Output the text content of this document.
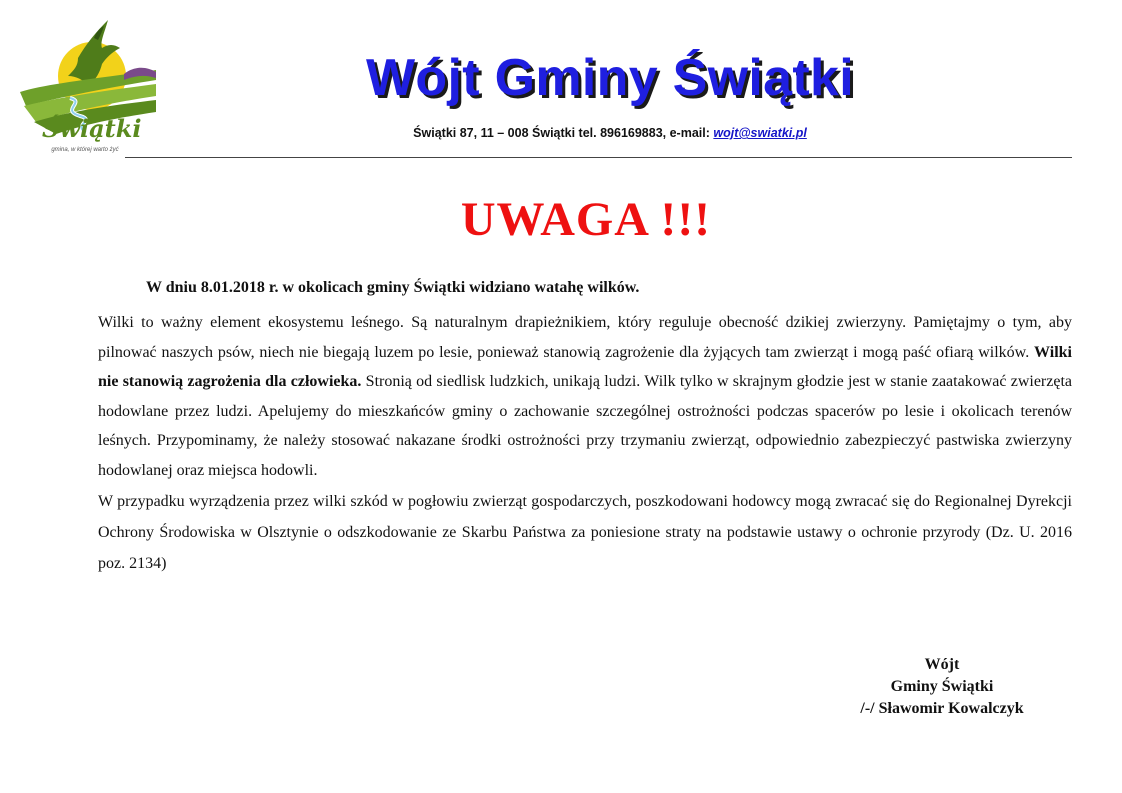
Świątki
gmina, w której warto żyć
Wójt Gminy Świątki
Świątki 87, 11 – 008 Świątki tel. 896169883, e-mail: wojt@swiatki.pl
UWAGA !!!
W dniu 8.01.2018 r. w okolicach gminy Świątki widziano watahę wilków.

Wilki to ważny element ekosystemu leśnego. Są naturalnym drapieżnikiem, który reguluje obecność dzikiej zwierzyny. Pamiętajmy o tym, aby pilnować naszych psów, niech nie biegają luzem po lesie, ponieważ stanowią zagrożenie dla żyjących tam zwierząt i mogą paść ofiarą wilków. Wilki nie stanowią zagrożenia dla człowieka. Stronią od siedlisk ludzkich, unikają ludzi. Wilk tylko w skrajnym głodzie jest w stanie zaatakować zwierzęta hodowlane przez ludzi. Apelujemy do mieszkańców gminy o zachowanie szczególnej ostrożności podczas spacerów po lesie i okolicach terenów leśnych. Przypominamy, że należy stosować nakazane środki ostrożności przy trzymaniu zwierząt, odpowiednio zabezpieczyć pastwiska zwierzyny hodowlanej oraz miejsca hodowli.

W przypadku wyrządzenia przez wilki szkód w pogłowiu zwierząt gospodarczych, poszkodowani hodowcy mogą zwracać się do Regionalnej Dyrekcji Ochrony Środowiska w Olsztynie o odszkodowanie ze Skarbu Państwa za poniesione straty na podstawie ustawy o ochronie przyrody (Dz. U. 2016 poz. 2134)

Wójt
Gminy Świątki
/-/ Sławomir Kowalczyk
